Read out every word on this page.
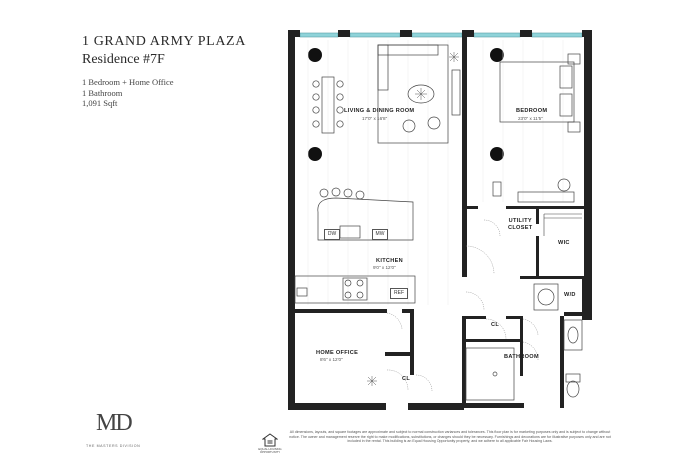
1 GRAND ARMY PLAZA
Residence #7F
1 Bedroom + Home Office
1 Bathroom
1,091 Sqft
LIVING & DINING ROOM
17'0" x 16'8"
BEDROOM
23'0" x 11'5"
UTILITY
CLOSET
WIC
KITCHEN
9'0" x 12'0"
W/D
CL
BATHROOM
HOME OFFICE
8'6" x 12'0"
CL
DW	MW
REF
MD
THE MASTERS DIVISION
EQUAL HOUSING OPPORTUNITY
All dimensions, layouts, and square footages are approximate and subject to normal construction variances and tolerances. This floor plan is for marketing purposes only and is subject to change without notice. The owner and management reserve the right to make modifications, substitutions, or changes should they be necessary. Furnishings and decorations are for illustrative purposes only and are not included in the rental. This building is an Equal Housing Opportunity property, and we adhere to all applicable Fair Housing Laws.
